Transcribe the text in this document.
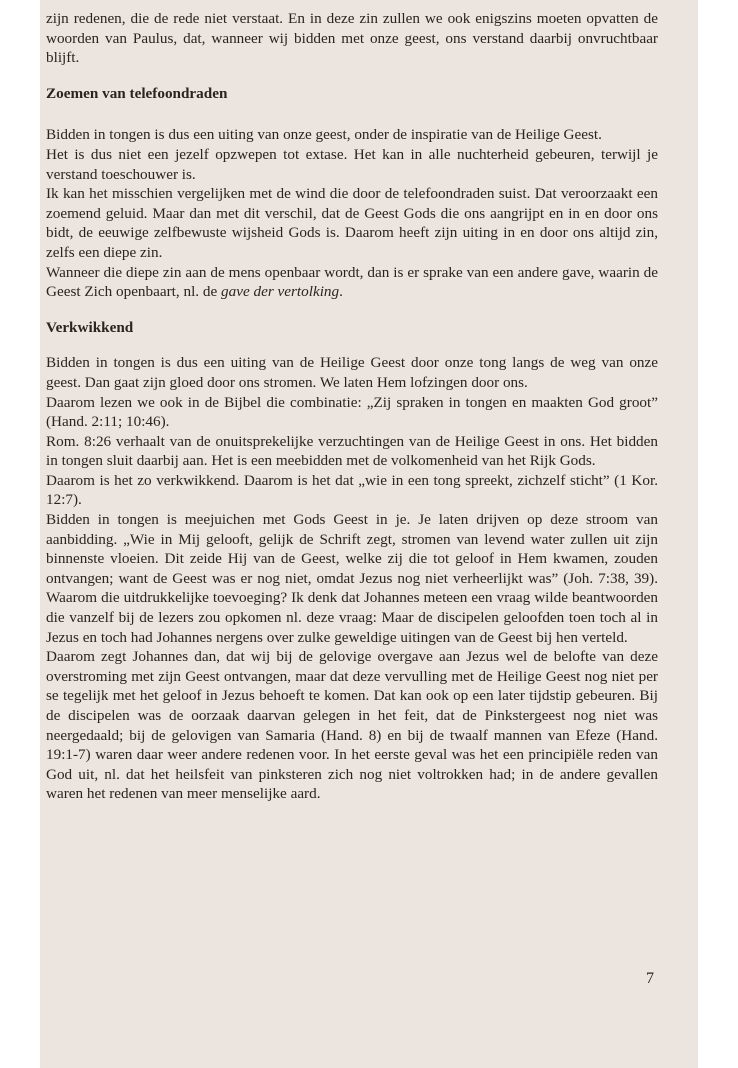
zijn redenen, die de rede niet verstaat. En in deze zin zullen we ook enigszins moeten opvatten de woorden van Paulus, dat, wanneer wij bidden met onze geest, ons verstand daarbij onvruchtbaar blijft.

Zoemen van telefoondraden

Bidden in tongen is dus een uiting van onze geest, onder de inspiratie van de Heilige Geest.

Het is dus niet een jezelf opzwepen tot extase. Het kan in alle nuchterheid gebeuren, terwijl je verstand toeschouwer is.

Ik kan het misschien vergelijken met de wind die door de telefoondraden suist. Dat veroorzaakt een zoemend geluid. Maar dan met dit verschil, dat de Geest Gods die ons aangrijpt en in en door ons bidt, de eeuwige zelfbewuste wijsheid Gods is. Daarom heeft zijn uiting in en door ons altijd zin, zelfs een diepe zin.

Wanneer die diepe zin aan de mens openbaar wordt, dan is er sprake van een andere gave, waarin de Geest Zich openbaart, nl. de gave der vertolking.

Verkwikkend

Bidden in tongen is dus een uiting van de Heilige Geest door onze tong langs de weg van onze geest. Dan gaat zijn gloed door ons stromen. We laten Hem lofzingen door ons.

Daarom lezen we ook in de Bijbel die combinatie: „Zij spraken in tongen en maakten God groot” (Hand. 2:11; 10:46).

Rom. 8:26 verhaalt van de onuitsprekelijke verzuchtingen van de Heilige Geest in ons. Het bidden in tongen sluit daarbij aan. Het is een meebidden met de volkomenheid van het Rijk Gods.

Daarom is het zo verkwikkend. Daarom is het dat „wie in een tong spreekt, zichzelf sticht” (1 Kor. 12:7).

Bidden in tongen is meejuichen met Gods Geest in je. Je laten drijven op deze stroom van aanbidding. „Wie in Mij gelooft, gelijk de Schrift zegt, stromen van levend water zullen uit zijn binnenste vloeien. Dit zeide Hij van de Geest, welke zij die tot geloof in Hem kwamen, zouden ontvangen; want de Geest was er nog niet, omdat Jezus nog niet verheerlijkt was” (Joh. 7:38, 39). Waarom die uitdrukkelijke toevoeging? Ik denk dat Johannes meteen een vraag wilde beantwoorden die vanzelf bij de lezers zou opkomen nl. deze vraag: Maar de discipelen geloofden toen toch al in Jezus en toch had Johannes nergens over zulke geweldige uitingen van de Geest bij hen verteld.

Daarom zegt Johannes dan, dat wij bij de gelovige overgave aan Jezus wel de belofte van deze overstroming met zijn Geest ontvangen, maar dat deze vervulling met de Heilige Geest nog niet per se tegelijk met het geloof in Jezus behoeft te komen. Dat kan ook op een later tijdstip gebeuren. Bij de discipelen was de oorzaak daarvan gelegen in het feit, dat de Pinkstergeest nog niet was neergedaald; bij de gelovigen van Samaria (Hand. 8) en bij de twaalf mannen van Efeze (Hand. 19:1-7) waren daar weer andere redenen voor. In het eerste geval was het een principiële reden van God uit, nl. dat het heilsfeit van pinksteren zich nog niet voltrokken had; in de andere gevallen waren het redenen van meer menselijke aard.

7
